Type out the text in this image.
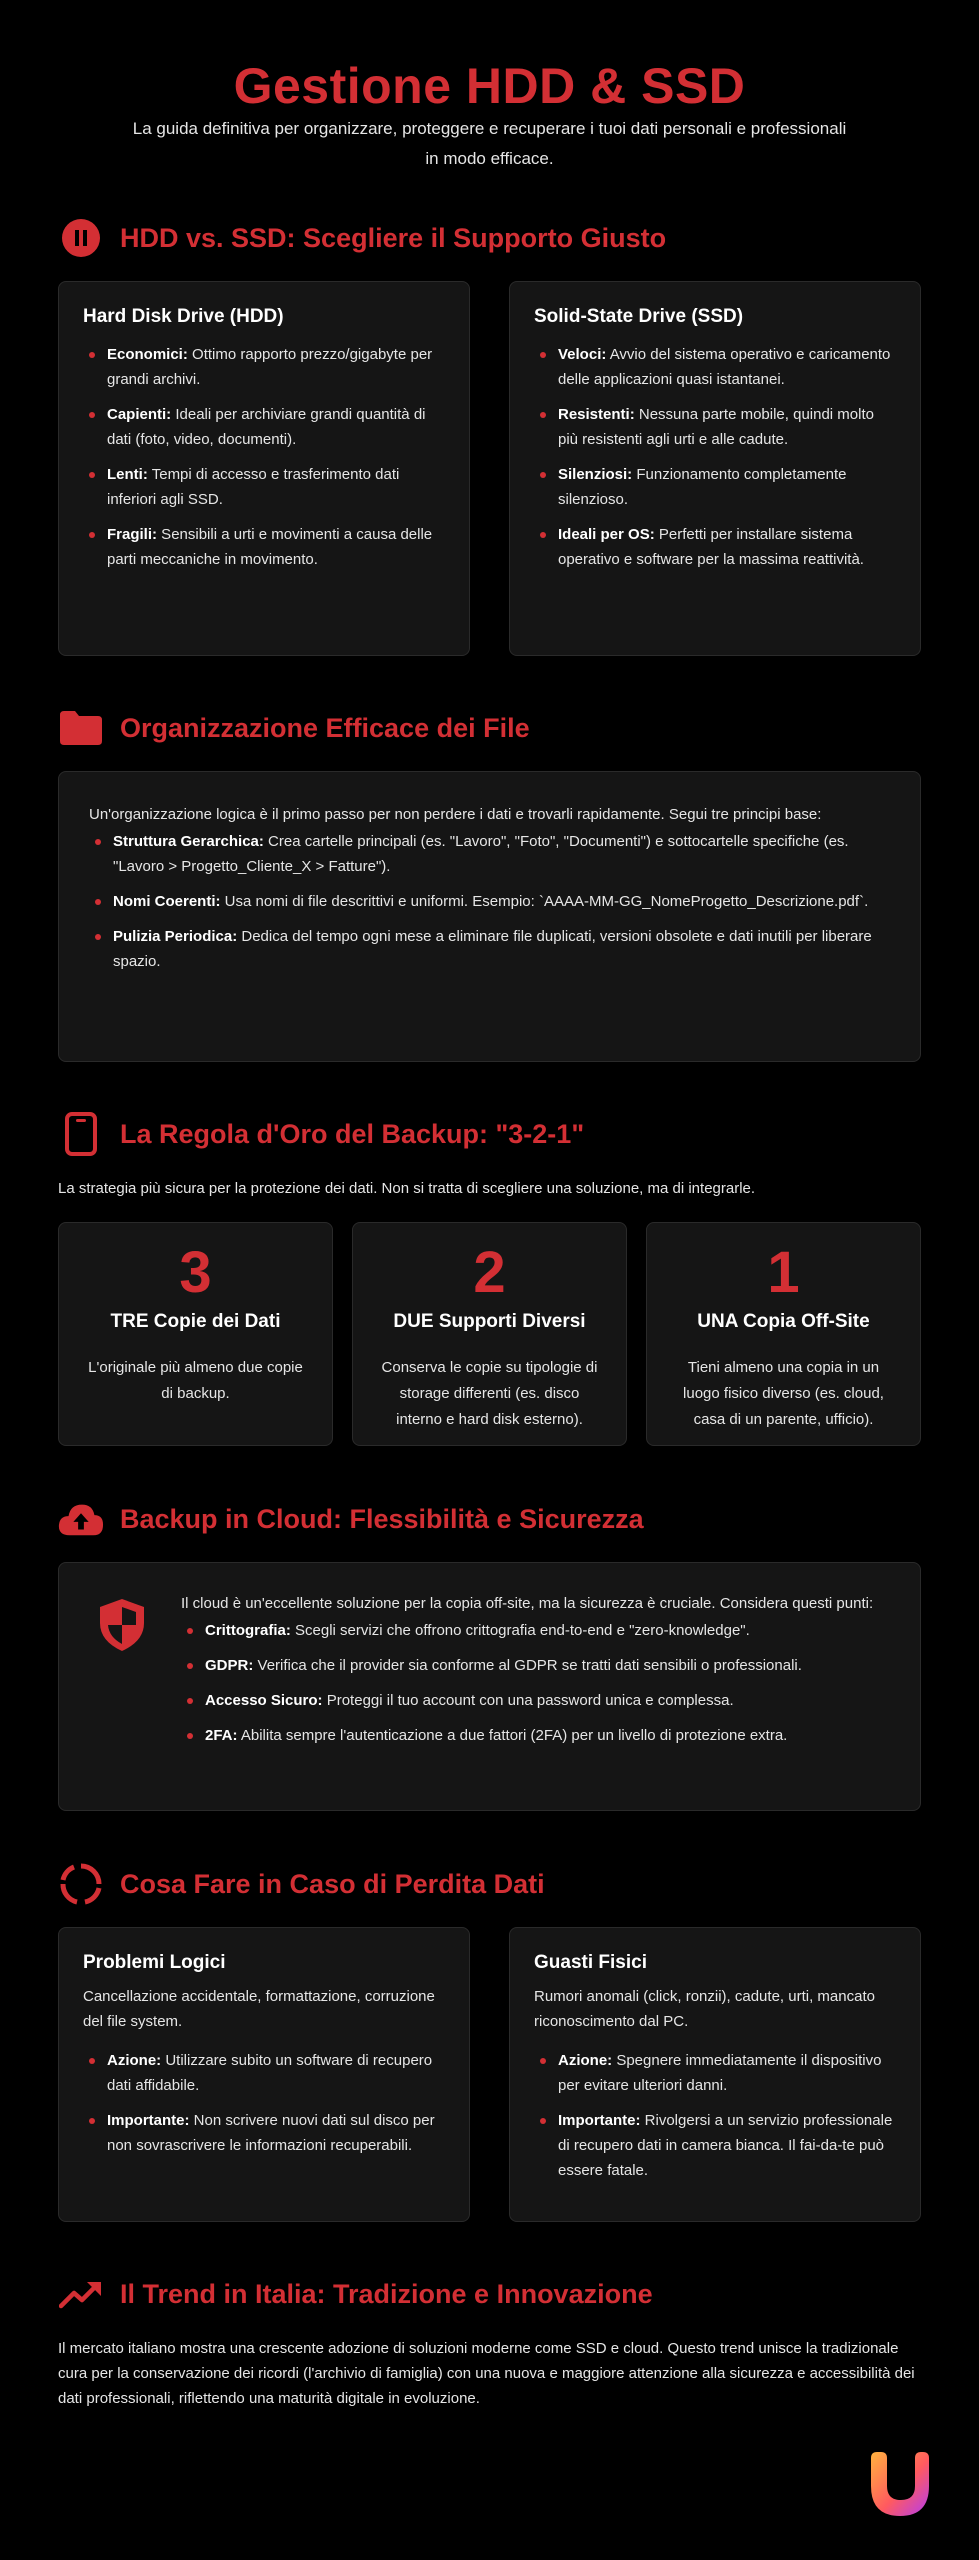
Gestione HDD & SSD

La guida definitiva per organizzare, proteggere e recuperare i tuoi dati personali e professionali in modo efficace.

HDD vs. SSD: Scegliere il Supporto Giusto
Hard Disk Drive (HDD)
Economici: Ottimo rapporto prezzo/gigabyte per grandi archivi.
Capienti: Ideali per archiviare grandi quantità di dati (foto, video, documenti).
Lenti: Tempi di accesso e trasferimento dati inferiori agli SSD.
Fragili: Sensibili a urti e movimenti a causa delle parti meccaniche in movimento.
Solid-State Drive (SSD)
Veloci: Avvio del sistema operativo e caricamento delle applicazioni quasi istantanei.
Resistenti: Nessuna parte mobile, quindi molto più resistenti agli urti e alle cadute.
Silenziosi: Funzionamento completamente silenzioso.
Ideali per OS: Perfetti per installare sistema operativo e software per la massima reattività.
Organizzazione Efficace dei File

Un'organizzazione logica è il primo passo per non perdere i dati e trovarli rapidamente. Segui tre principi base:

Struttura Gerarchica: Crea cartelle principali (es. "Lavoro", "Foto", "Documenti") e sottocartelle specifiche (es. "Lavoro > Progetto_Cliente_X > Fatture").
Nomi Coerenti: Usa nomi di file descrittivi e uniformi. Esempio: `AAAA-MM-GG_NomeProgetto_Descrizione.pdf`.
Pulizia Periodica: Dedica del tempo ogni mese a eliminare file duplicati, versioni obsolete e dati inutili per liberare spazio.
La Regola d'Oro del Backup: "3-2-1"

La strategia più sicura per la protezione dei dati. Non si tratta di scegliere una soluzione, ma di integrarle.

3
TRE Copie dei Dati

L'originale più almeno due copie di backup.

2
DUE Supporti Diversi

Conserva le copie su tipologie di storage differenti (es. disco interno e hard disk esterno).

1
UNA Copia Off-Site

Tieni almeno una copia in un luogo fisico diverso (es. cloud, casa di un parente, ufficio).

Backup in Cloud: Flessibilità e Sicurezza

Il cloud è un'eccellente soluzione per la copia off-site, ma la sicurezza è cruciale. Considera questi punti:

Crittografia: Scegli servizi che offrono crittografia end-to-end e "zero-knowledge".
GDPR: Verifica che il provider sia conforme al GDPR se tratti dati sensibili o professionali.
Accesso Sicuro: Proteggi il tuo account con una password unica e complessa.
2FA: Abilita sempre l'autenticazione a due fattori (2FA) per un livello di protezione extra.
Cosa Fare in Caso di Perdita Dati
Problemi Logici

Cancellazione accidentale, formattazione, corruzione del file system.

Azione: Utilizzare subito un software di recupero dati affidabile.
Importante: Non scrivere nuovi dati sul disco per non sovrascrivere le informazioni recuperabili.
Guasti Fisici

Rumori anomali (click, ronzii), cadute, urti, mancato riconoscimento dal PC.

Azione: Spegnere immediatamente il dispositivo per evitare ulteriori danni.
Importante: Rivolgersi a un servizio professionale di recupero dati in camera bianca. Il fai-da-te può essere fatale.
Il Trend in Italia: Tradizione e Innovazione

Il mercato italiano mostra una crescente adozione di soluzioni moderne come SSD e cloud. Questo trend unisce la tradizionale cura per la conservazione dei ricordi (l'archivio di famiglia) con una nuova e maggiore attenzione alla sicurezza e accessibilità dei dati professionali, riflettendo una maturità digitale in evoluzione.
